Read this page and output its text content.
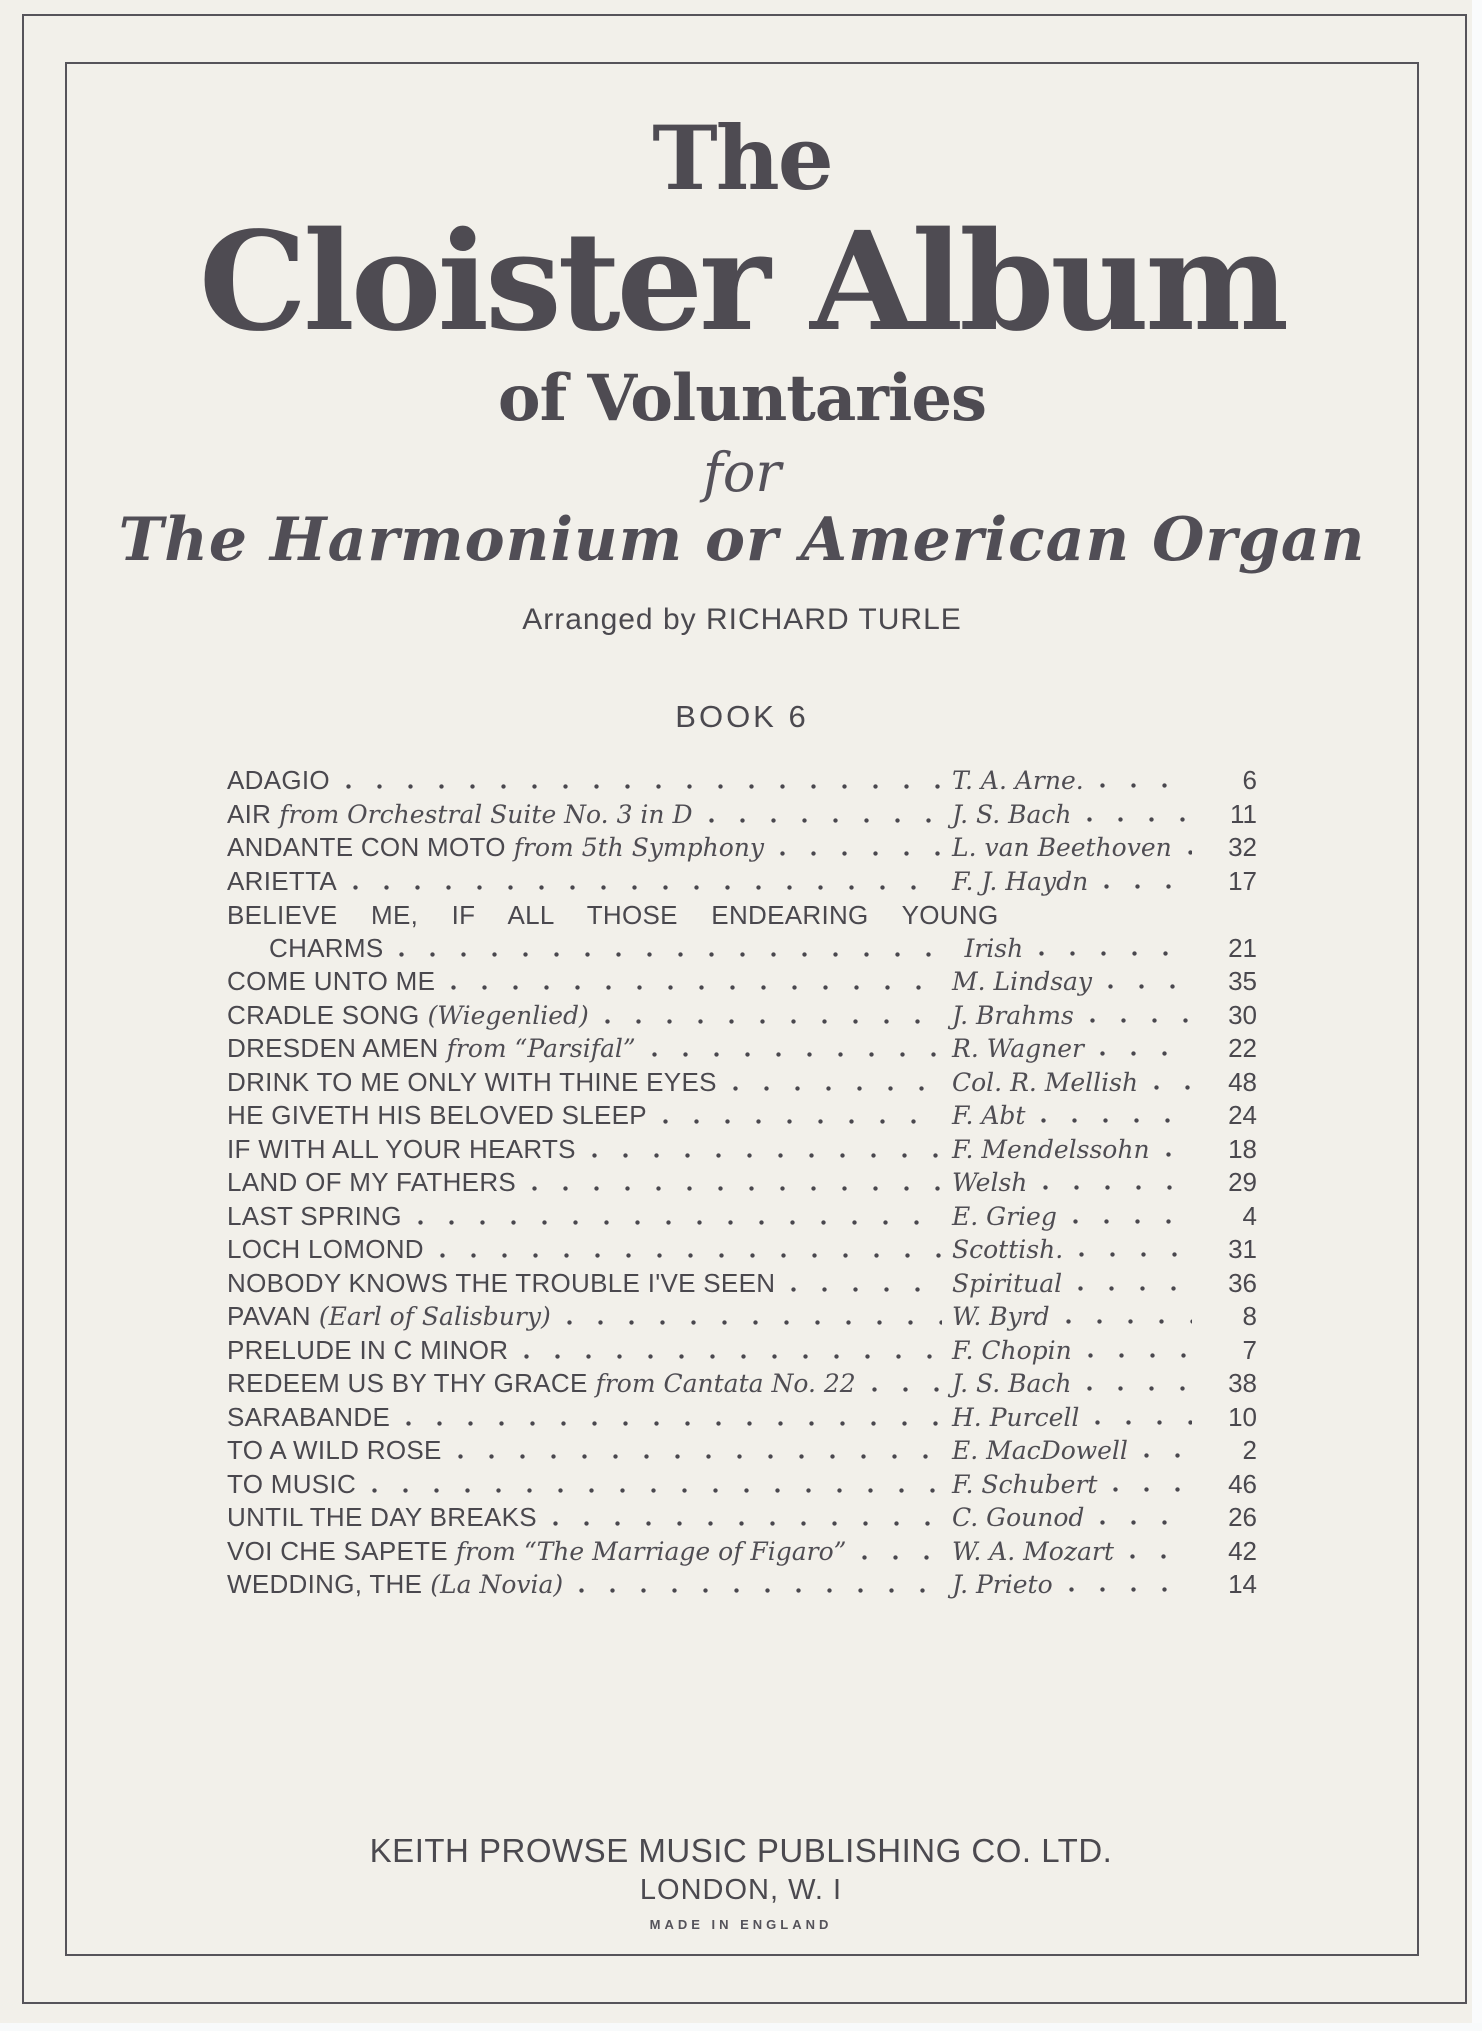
The
Cloister Album
of Voluntaries
for
The Harmonium or American Organ
Arranged by RICHARD TURLE
BOOK 6
ADAGIO	T. A. Arne.	6
AIR from Orchestral Suite No. 3 in D	J. S. Bach	11
ANDANTE CON MOTO from 5th Symphony	L. van Beethoven	32
ARIETTA	F. J. Haydn	17
BELIEVE ME, IF ALL THOSE ENDEARING YOUNG
CHARMS	Irish	21
COME UNTO ME	M. Lindsay	35
CRADLE SONG (Wiegenlied)	J. Brahms	30
DRESDEN AMEN from “Parsifal”	R. Wagner	22
DRINK TO ME ONLY WITH THINE EYES	Col. R. Mellish	48
HE GIVETH HIS BELOVED SLEEP	F. Abt	24
IF WITH ALL YOUR HEARTS	F. Mendelssohn	18
LAND OF MY FATHERS	Welsh	29
LAST SPRING	E. Grieg	4
LOCH LOMOND	Scottish.	31
NOBODY KNOWS THE TROUBLE I'VE SEEN	Spiritual	36
PAVAN (Earl of Salisbury)	W. Byrd	8
PRELUDE IN C MINOR	F. Chopin	7
REDEEM US BY THY GRACE from Cantata No. 22	J. S. Bach	38
SARABANDE	H. Purcell	10
TO A WILD ROSE	E. MacDowell	2
TO MUSIC	F. Schubert	46
UNTIL THE DAY BREAKS	C. Gounod	26
VOI CHE SAPETE from “The Marriage of Figaro”	W. A. Mozart	42
WEDDING, THE (La Novia)	J. Prieto	14
KEITH PROWSE MUSIC PUBLISHING CO. LTD.
LONDON, W. I
MADE IN ENGLAND
